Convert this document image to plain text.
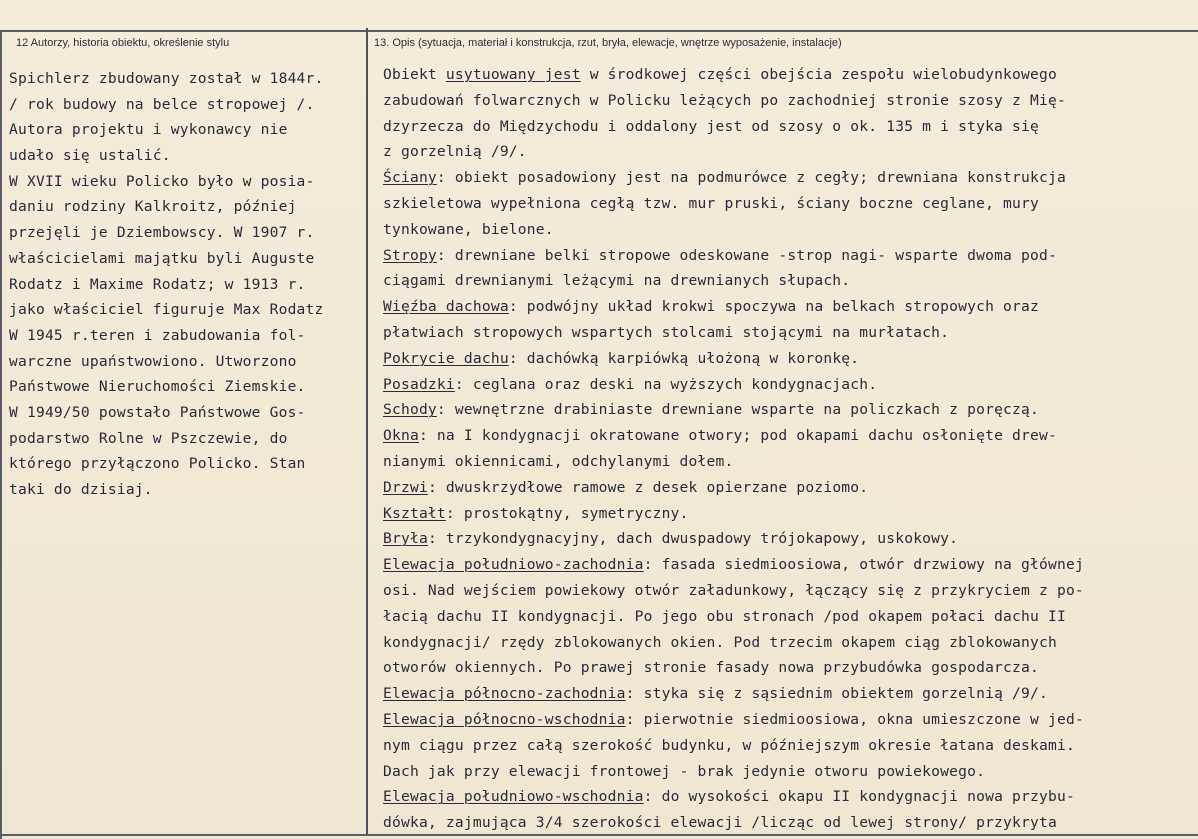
12 Autorzy, historia obiektu, określenie stylu	13. Opis (sytuacja, materiał i konstrukcja, rzut, bryła, elewacje, wnętrze wyposażenie, instalacje)
Spichlerz zbudowany został w 1844r.
/ rok budowy na belce stropowej /.
Autora projektu i wykonawcy nie
udało się ustalić.
W XVII wieku Policko było w posia-
daniu rodziny Kalkroitz, później
przejęli je Dziembowscy. W 1907 r.
właścicielami majątku byli Auguste
Rodatz i Maxime Rodatz; w 1913 r.
jako właściciel figuruje Max Rodatz
W 1945 r.teren i zabudowania fol-
warczne upaństwowiono. Utworzono
Państwowe Nieruchomości Ziemskie.
W 1949/50 powstało Państwowe Gos-
podarstwo Rolne w Pszczewie, do
którego przyłączono Policko. Stan
taki do dzisiaj.
Obiekt usytuowany jest w środkowej części obejścia zespołu wielobudynkowego
zabudowań folwarcznych w Policku leżących po zachodniej stronie szosy z Mię-
dzyrzecza do Międzychodu i oddalony jest od szosy o ok. 135 m i styka się
z gorzelnią /9/.
Ściany: obiekt posadowiony jest na podmurówce z cegły; drewniana konstrukcja
szkieletowa wypełniona cegłą tzw. mur pruski, ściany boczne ceglane, mury
tynkowane, bielone.
Stropy: drewniane belki stropowe odeskowane -strop nagi- wsparte dwoma pod-
ciągami drewnianymi leżącymi na drewnianych słupach.
Więźba dachowa: podwójny układ krokwi spoczywa na belkach stropowych oraz
płatwiach stropowych wspartych stolcami stojącymi na murłatach.
Pokrycie dachu: dachówką karpiówką ułożoną w koronkę.
Posadzki: ceglana oraz deski na wyższych kondygnacjach.
Schody: wewnętrzne drabiniaste drewniane wsparte na policzkach z poręczą.
Okna: na I kondygnacji okratowane otwory; pod okapami dachu osłonięte drew-
nianymi okiennicami, odchylanymi dołem.
Drzwi: dwuskrzydłowe ramowe z desek opierzane poziomo.
Kształt: prostokątny, symetryczny.
Bryła: trzykondygnacyjny, dach dwuspadowy trójokapowy, uskokowy.
Elewacja południowo-zachodnia: fasada siedmioosiowa, otwór drzwiowy na głównej
osi. Nad wejściem powiekowy otwór załadunkowy, łączący się z przykryciem z po-
łacią dachu II kondygnacji. Po jego obu stronach /pod okapem połaci dachu II
kondygnacji/ rzędy zblokowanych okien. Pod trzecim okapem ciąg zblokowanych
otworów okiennych. Po prawej stronie fasady nowa przybudówka gospodarcza.
Elewacja północno-zachodnia: styka się z sąsiednim obiektem gorzelnią /9/.
Elewacja północno-wschodnia: pierwotnie siedmioosiowa, okna umieszczone w jed-
nym ciągu przez całą szerokość budynku, w późniejszym okresie łatana deskami.
Dach jak przy elewacji frontowej - brak jedynie otworu powiekowego.
Elewacja południowo-wschodnia: do wysokości okapu II kondygnacji nowa przybu-
dówka, zajmująca 3/4 szerokości elewacji /licząc od lewej strony/ przykryta
